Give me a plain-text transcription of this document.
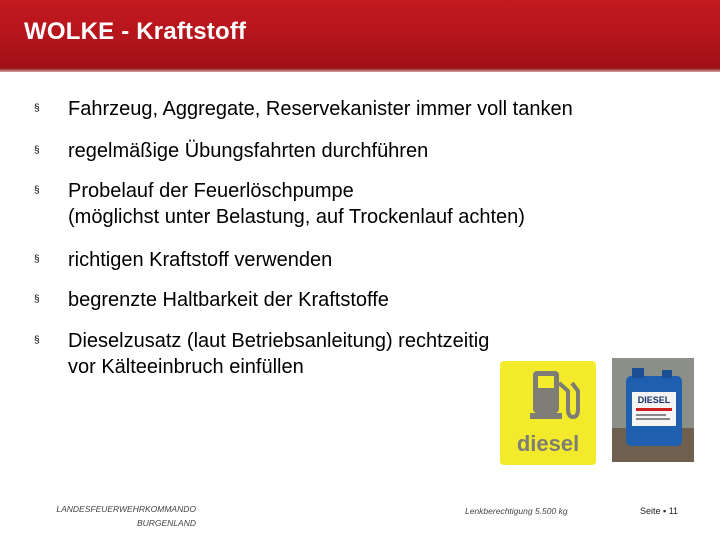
WOLKE - Kraftstoff
§ Fahrzeug, Aggregate, Reservekanister immer voll tanken
§ regelmäßige Übungsfahrten durchführen
§ Probelauf der Feuerlöschpumpe
(möglichst unter Belastung, auf Trockenlauf achten)
§ richtigen Kraftstoff verwenden
§ begrenzte Haltbarkeit der Kraftstoffe
§ Dieselzusatz (laut Betriebsanleitung) rechtzeitig
vor Kälteeinbruch einfüllen
diesel
DIESEL
LANDESFEUERWEHRKOMMANDO
BURGENLAND
Lenkberechtigung 5.500 kg	Seite ▪ 11
